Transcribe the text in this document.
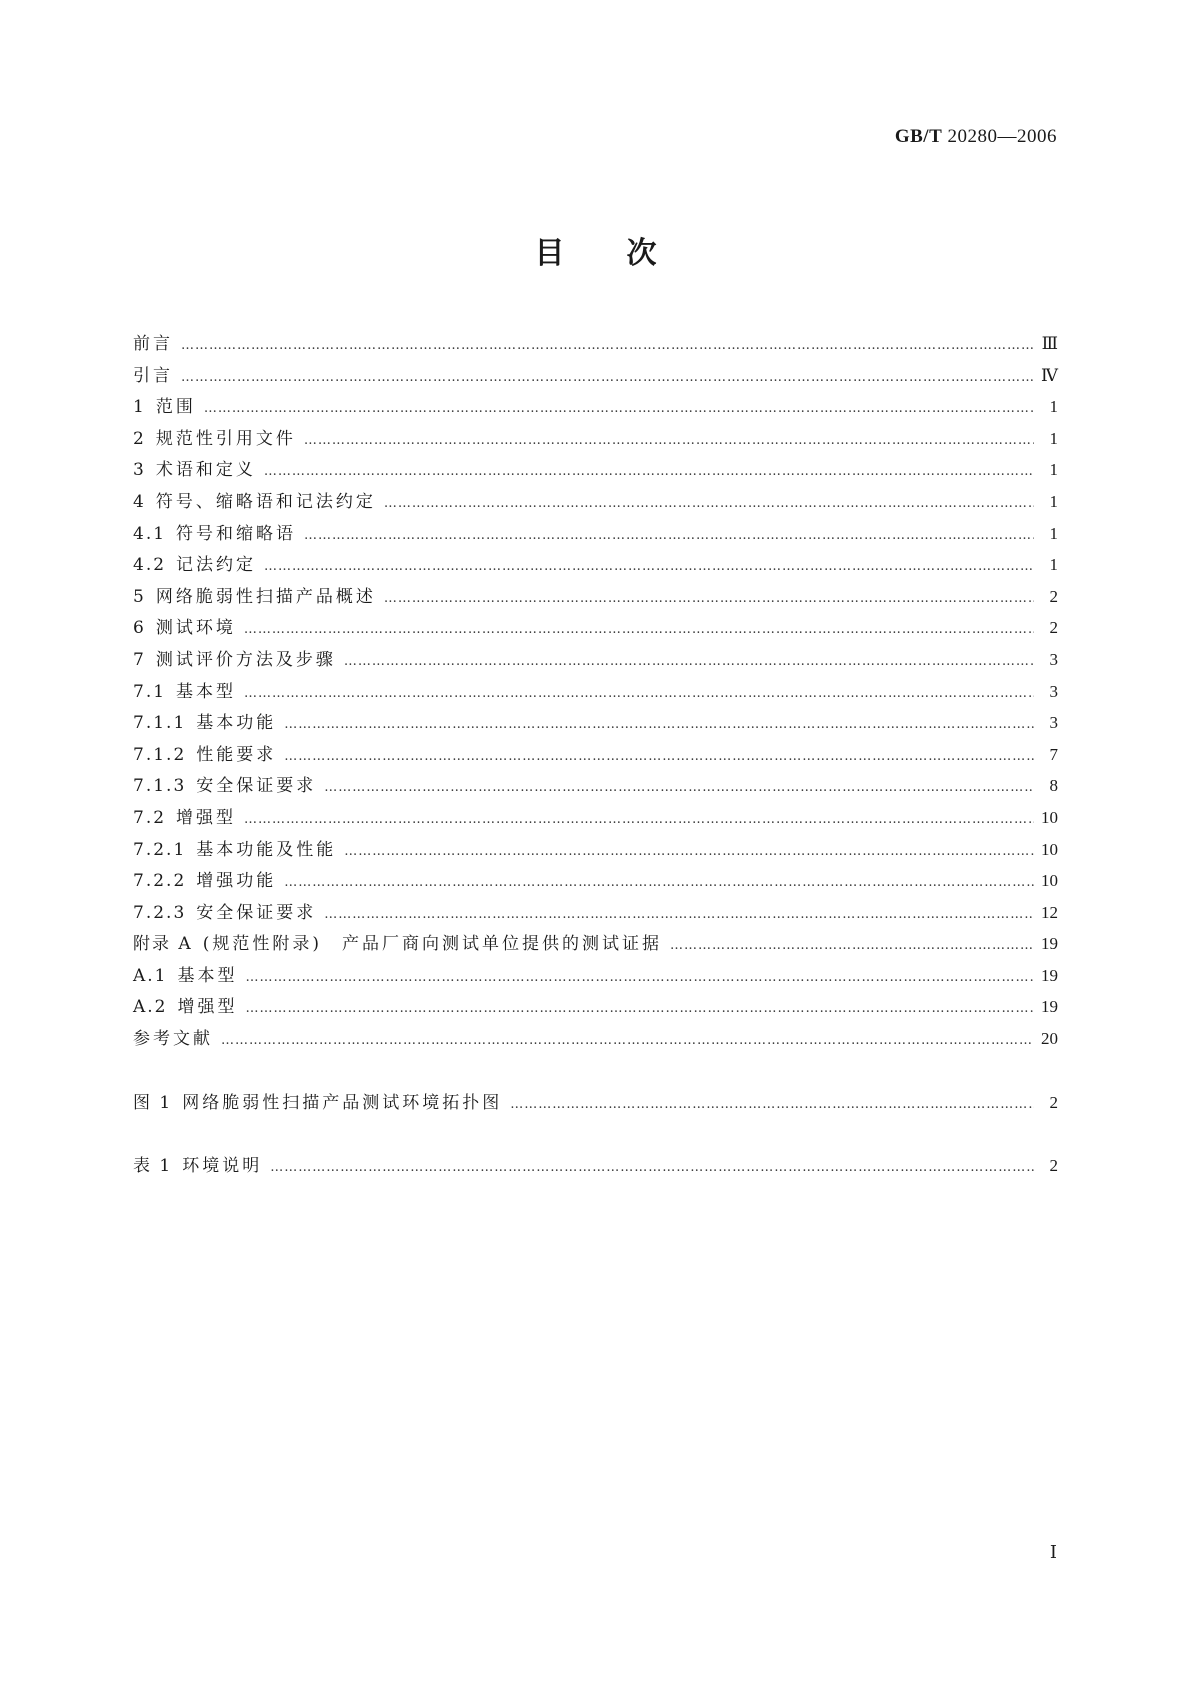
GB/T 20280—2006
目次
前言 ……………………………………………………………………………………………………………………………………………………………………………………………………………………………………………………………………	Ⅲ
引言 ……………………………………………………………………………………………………………………………………………………………………………………………………………………………………………………………………	Ⅳ
1 范围 ……………………………………………………………………………………………………………………………………………………………………………………………………………………………………………………………………	1
2 规范性引用文件 ……………………………………………………………………………………………………………………………………………………………………………………………………………………………………………………………………	1
3 术语和定义 ……………………………………………………………………………………………………………………………………………………………………………………………………………………………………………………………………	1
4 符号、缩略语和记法约定 ……………………………………………………………………………………………………………………………………………………………………………………………………………………………………………………………………	1
4.1 符号和缩略语 ……………………………………………………………………………………………………………………………………………………………………………………………………………………………………………………………………	1
4.2 记法约定 ……………………………………………………………………………………………………………………………………………………………………………………………………………………………………………………………………	1
5 网络脆弱性扫描产品概述 ……………………………………………………………………………………………………………………………………………………………………………………………………………………………………………………………………	2
6 测试环境 ……………………………………………………………………………………………………………………………………………………………………………………………………………………………………………………………………	2
7 测试评价方法及步骤 ……………………………………………………………………………………………………………………………………………………………………………………………………………………………………………………………………	3
7.1 基本型 ……………………………………………………………………………………………………………………………………………………………………………………………………………………………………………………………………	3
7.1.1 基本功能 ……………………………………………………………………………………………………………………………………………………………………………………………………………………………………………………………………	3
7.1.2 性能要求 ……………………………………………………………………………………………………………………………………………………………………………………………………………………………………………………………………	7
7.1.3 安全保证要求 ……………………………………………………………………………………………………………………………………………………………………………………………………………………………………………………………………	8
7.2 增强型 ……………………………………………………………………………………………………………………………………………………………………………………………………………………………………………………………………	10
7.2.1 基本功能及性能 ……………………………………………………………………………………………………………………………………………………………………………………………………………………………………………………………………	10
7.2.2 增强功能 ……………………………………………………………………………………………………………………………………………………………………………………………………………………………………………………………………	10
7.2.3 安全保证要求 ……………………………………………………………………………………………………………………………………………………………………………………………………………………………………………………………………	12
附录 A (规范性附录)　产品厂商向测试单位提供的测试证据 ……………………………………………………………………………………………………………………………………………………………………………………………………………………………………………………………………	19
A.1 基本型 ……………………………………………………………………………………………………………………………………………………………………………………………………………………………………………………………………	19
A.2 增强型 ……………………………………………………………………………………………………………………………………………………………………………………………………………………………………………………………………	19
参考文献 ……………………………………………………………………………………………………………………………………………………………………………………………………………………………………………………………………	20
图 1 网络脆弱性扫描产品测试环境拓扑图 ……………………………………………………………………………………………………………………………………………………………………………………………………………………………………………………………………	2
表 1 环境说明 ……………………………………………………………………………………………………………………………………………………………………………………………………………………………………………………………………	2
Ⅰ
